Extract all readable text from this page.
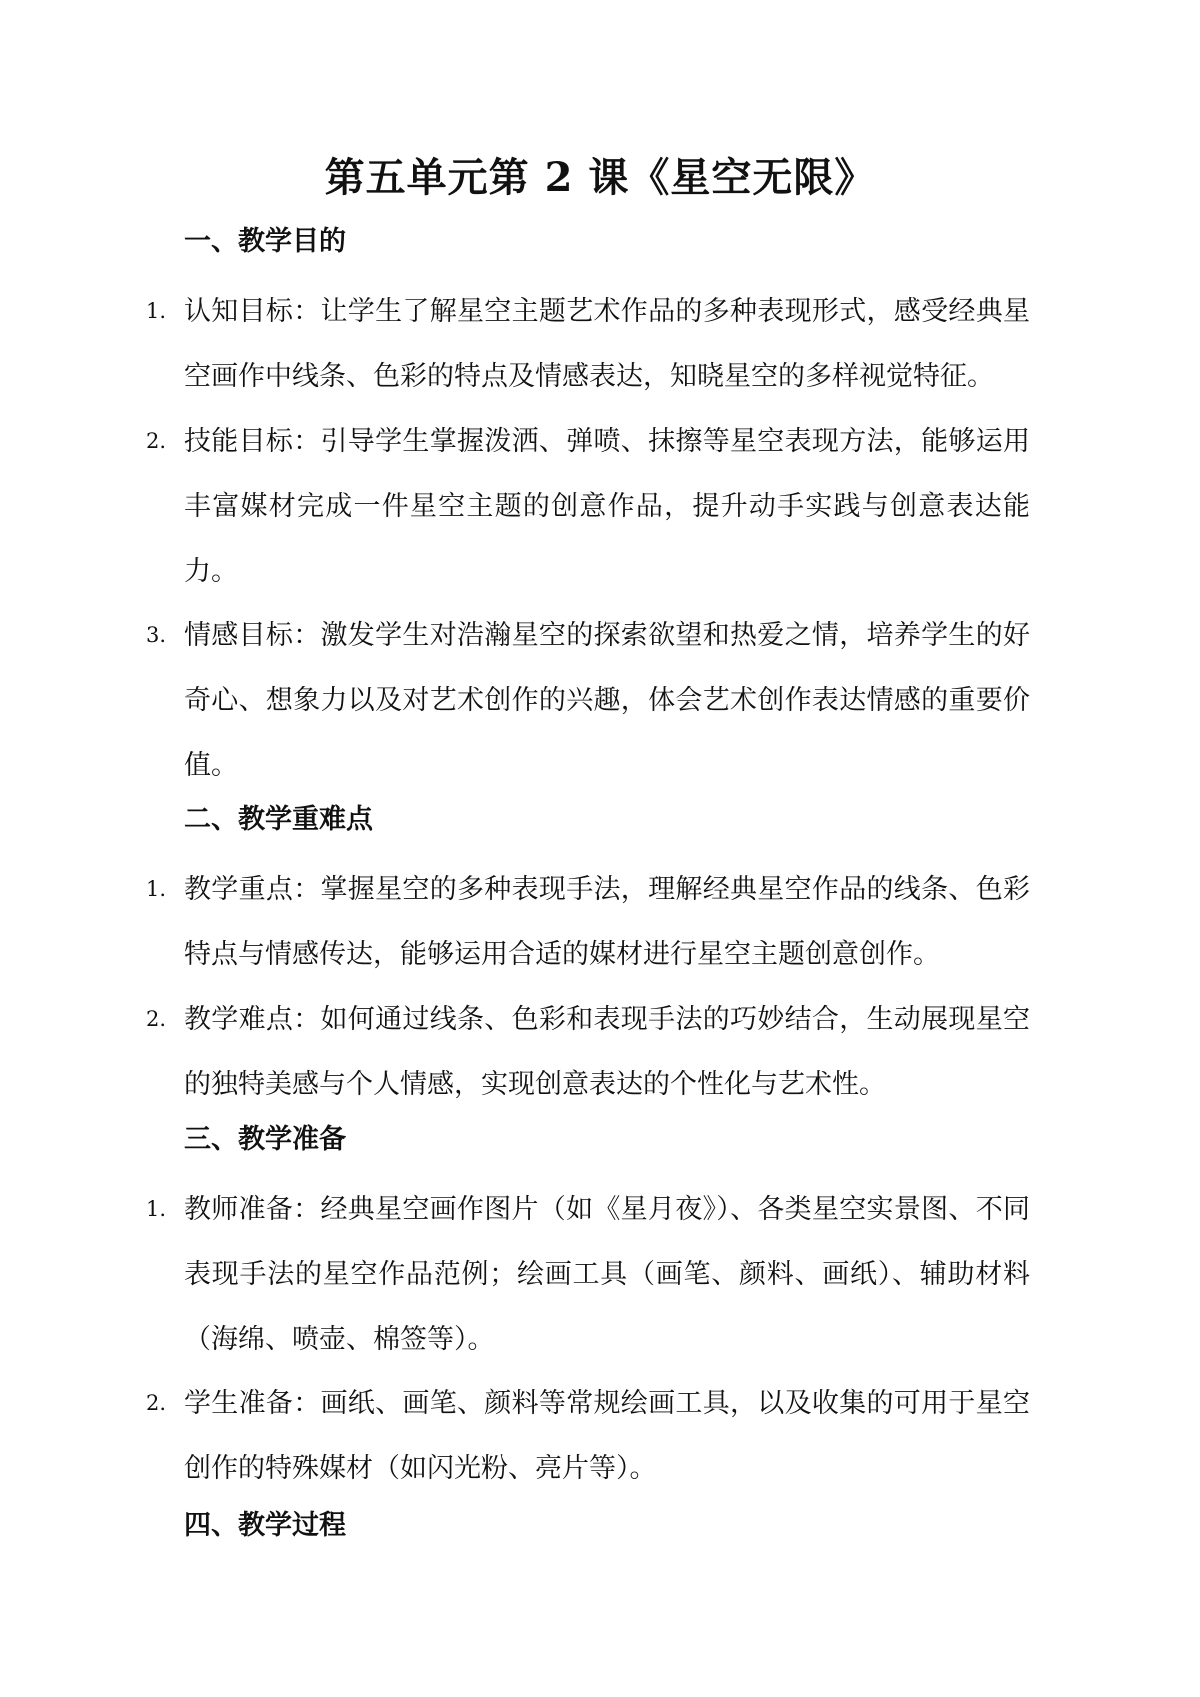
第五单元第 2 课《星空无限》
一、教学目的
1. 认知目标：让学生了解星空主题艺术作品的多种表现形式，感受经典星空画作中线条、色彩的特点及情感表达，知晓星空的多样视觉特征。
2. 技能目标：引导学生掌握泼洒、弹喷、抹擦等星空表现方法，能够运用丰富媒材完成一件星空主题的创意作品，提升动手实践与创意表达能力。
3. 情感目标：激发学生对浩瀚星空的探索欲望和热爱之情，培养学生的好奇心、想象力以及对艺术创作的兴趣，体会艺术创作表达情感的重要价值。
二、教学重难点
1. 教学重点：掌握星空的多种表现手法，理解经典星空作品的线条、色彩特点与情感传达，能够运用合适的媒材进行星空主题创意创作。
2. 教学难点：如何通过线条、色彩和表现手法的巧妙结合，生动展现星空的独特美感与个人情感，实现创意表达的个性化与艺术性。
三、教学准备
1. 教师准备：经典星空画作图片（如《星月夜》）、各类星空实景图、不同表现手法的星空作品范例；绘画工具（画笔、颜料、画纸）、辅助材料（海绵、喷壶、棉签等）。
2. 学生准备：画纸、画笔、颜料等常规绘画工具，以及收集的可用于星空创作的特殊媒材（如闪光粉、亮片等）。
四、教学过程
